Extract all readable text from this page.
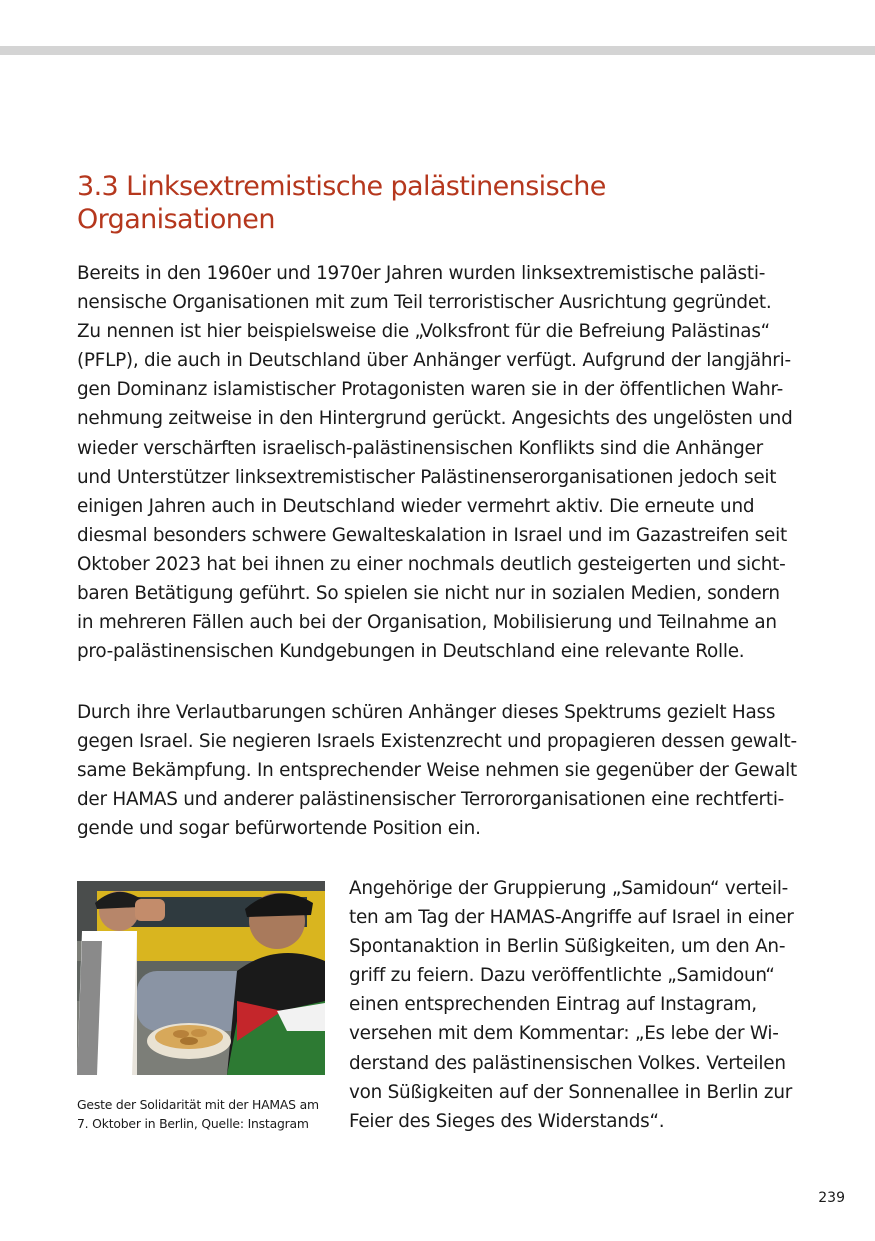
3.3 Linksextremistische palästinensische
Organisationen

Bereits in den 1960er und 1970er Jahren wurden linksextremistische palästi-
nensische Organisationen mit zum Teil terroristischer Ausrichtung gegründet.
Zu nennen ist hier beispielsweise die „Volksfront für die Befreiung Palästinas“
(PFLP), die auch in Deutschland über Anhänger verfügt. Aufgrund der langjähri-
gen Dominanz islamistischer Protagonisten waren sie in der öffentlichen Wahr-
nehmung zeitweise in den Hintergrund gerückt. Angesichts des ungelösten und
wieder verschärften israelisch-palästinensischen Konflikts sind die Anhänger
und Unterstützer linksextremistischer Palästinenserorganisationen jedoch seit
einigen Jahren auch in Deutschland wieder vermehrt aktiv. Die erneute und
diesmal besonders schwere Gewalteskalation in Israel und im Gazastreifen seit
Oktober 2023 hat bei ihnen zu einer nochmals deutlich gesteigerten und sicht-
baren Betätigung geführt. So spielen sie nicht nur in sozialen Medien, sondern
in mehreren Fällen auch bei der Organisation, Mobilisierung und Teilnahme an
pro-palästinensischen Kundgebungen in Deutschland eine relevante Rolle.

Durch ihre Verlautbarungen schüren Anhänger dieses Spektrums gezielt Hass
gegen Israel. Sie negieren Israels Existenzrecht und propagieren dessen gewalt-
same Bekämpfung. In entsprechender Weise nehmen sie gegenüber der Gewalt
der HAMAS und anderer palästinensischer Terrororganisationen eine rechtferti-
gende und sogar befürwortende Position ein.

Geste der Solidarität mit der HAMAS am
7. Oktober in Berlin, Quelle: Instagram

Angehörige der Gruppierung „Samidoun“ verteil-
ten am Tag der HAMAS-Angriffe auf Israel in einer
Spontanaktion in Berlin Süßigkeiten, um den An-
griff zu feiern. Dazu veröffentlichte „Samidoun“
einen entsprechenden Eintrag auf Instagram,
versehen mit dem Kommentar: „Es lebe der Wi-
derstand des palästinensischen Volkes. Verteilen
von Süßigkeiten auf der Sonnenallee in Berlin zur
Feier des Sieges des Widerstands“.

239
